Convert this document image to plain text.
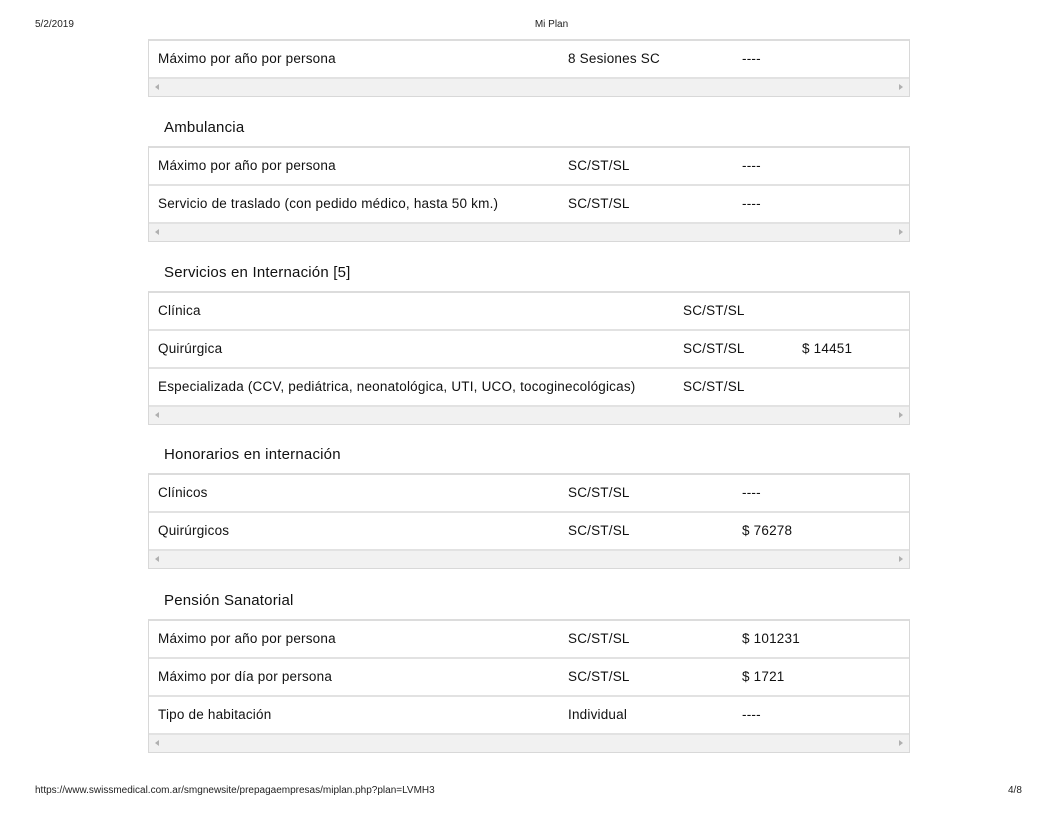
5/2/2019	Mi Plan
Máximo por año por persona	8 Sesiones SC	----
Ambulancia
Máximo por año por persona	SC/ST/SL	----
Servicio de traslado (con pedido médico, hasta 50 km.)	SC/ST/SL	----
Servicios en Internación [5]
Clínica	SC/ST/SL
Quirúrgica	SC/ST/SL	$ 14451
Especializada (CCV, pediátrica, neonatológica, UTI, UCO, tocoginecológicas)	SC/ST/SL
Honorarios en internación
Clínicos	SC/ST/SL	----
Quirúrgicos	SC/ST/SL	$ 76278
Pensión Sanatorial
Máximo por año por persona	SC/ST/SL	$ 101231
Máximo por día por persona	SC/ST/SL	$ 1721
Tipo de habitación	Individual	----
https://www.swissmedical.com.ar/smgnewsite/prepagaempresas/miplan.php?plan=LVMH3	4/8
